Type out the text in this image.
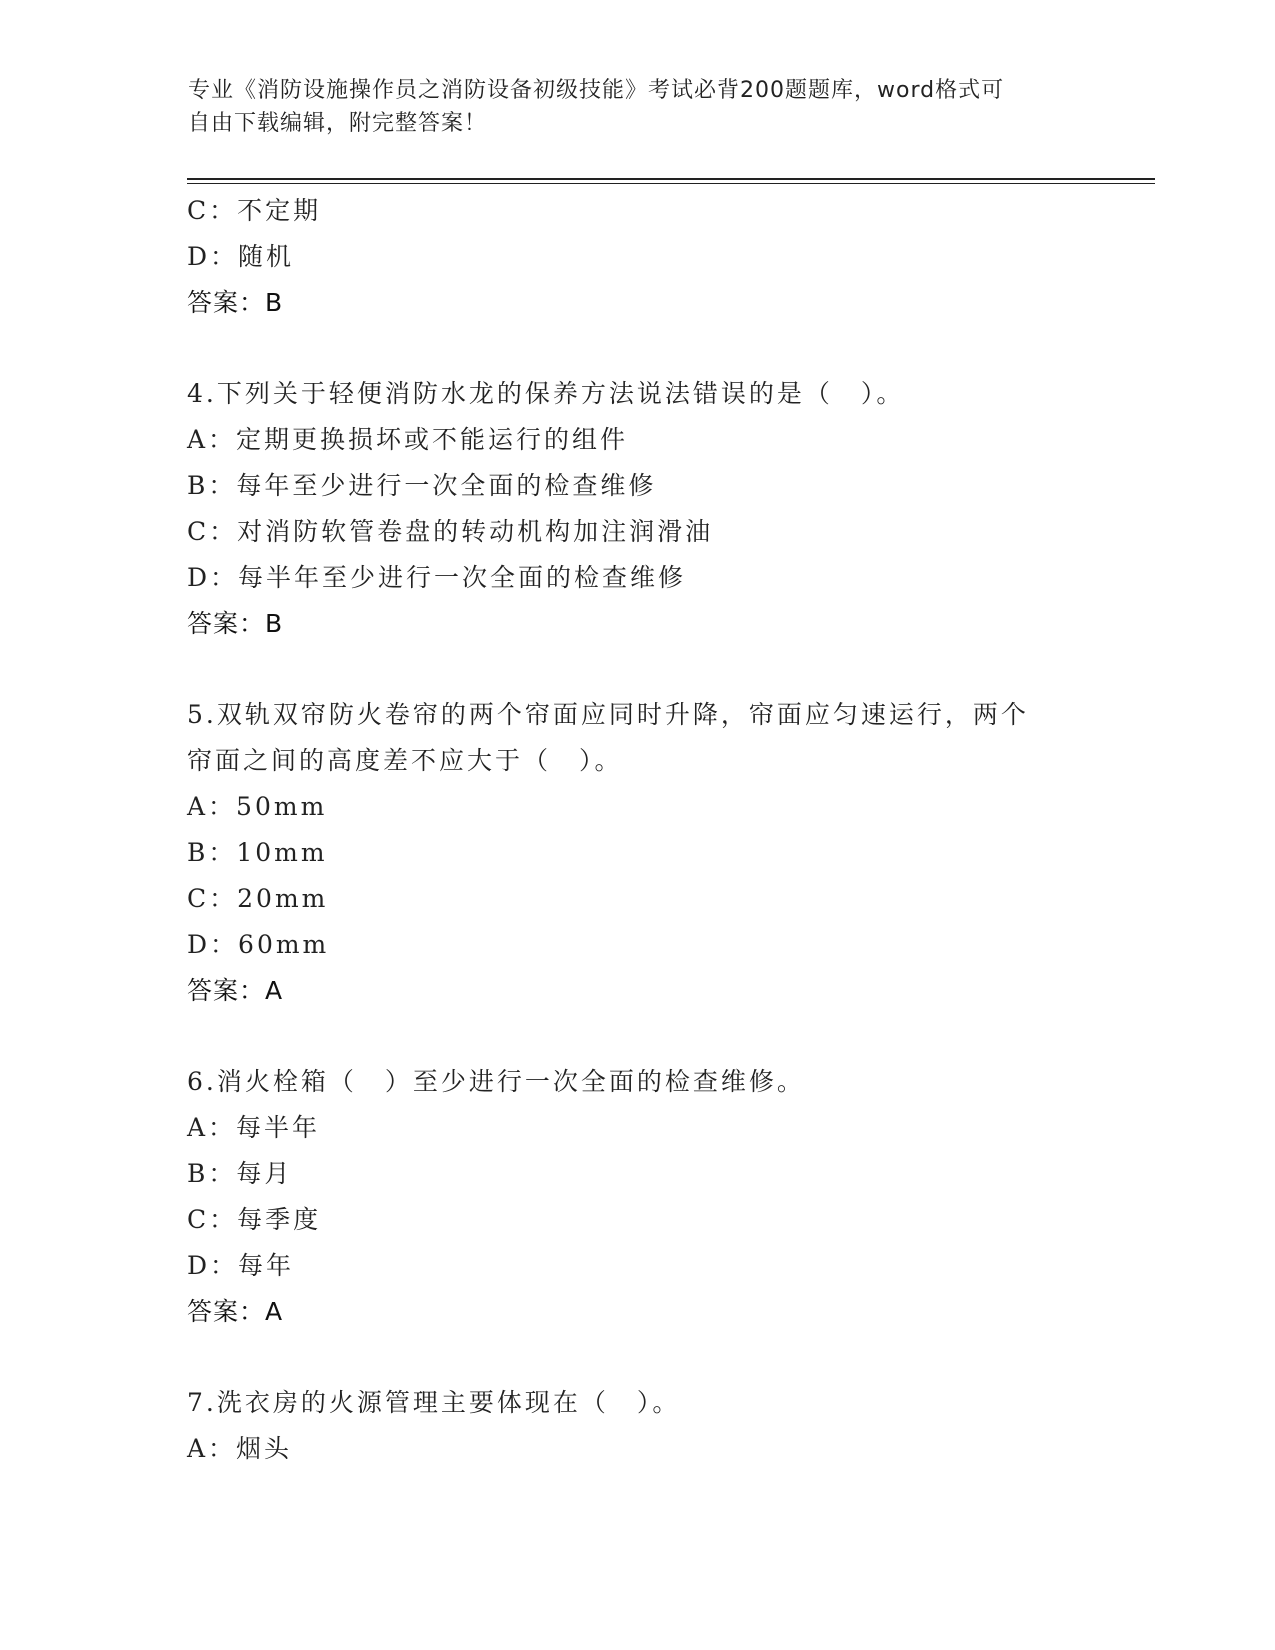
专业《消防设施操作员之消防设备初级技能》考试必背200题题库，word格式可
自由下载编辑，附完整答案！
C：不定期
D：随机
答案：B
4.下列关于轻便消防水龙的保养方法说法错误的是（　）。
A：定期更换损坏或不能运行的组件
B：每年至少进行一次全面的检查维修
C：对消防软管卷盘的转动机构加注润滑油
D：每半年至少进行一次全面的检查维修
答案：B
5.双轨双帘防火卷帘的两个帘面应同时升降，帘面应匀速运行，两个
帘面之间的高度差不应大于（　）。
A：50mm
B：10mm
C：20mm
D：60mm
答案：A
6.消火栓箱（　）至少进行一次全面的检查维修。
A：每半年
B：每月
C：每季度
D：每年
答案：A
7.洗衣房的火源管理主要体现在（　）。
A：烟头
